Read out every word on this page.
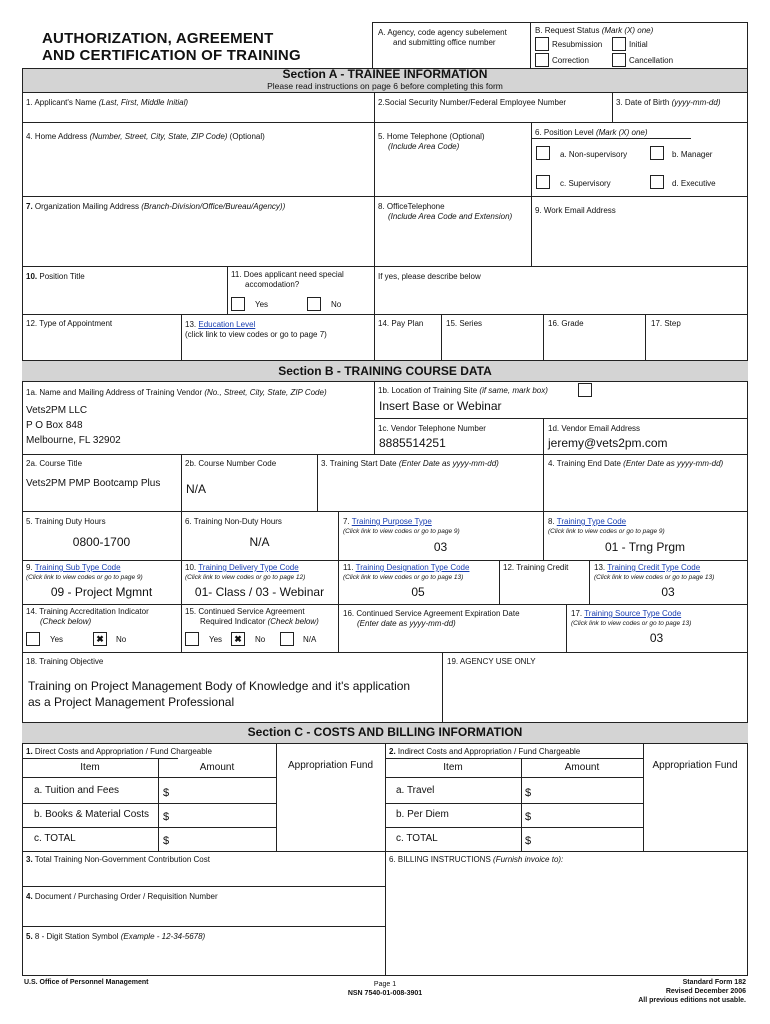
AUTHORIZATION, AGREEMENT
AND CERTIFICATION OF TRAINING
A. Agency, code agency subelement
and submitting office number
B. Request Status (Mark (X) one)
Resubmission	Initial
Correction	Cancellation
Section A - TRAINEE INFORMATION
Please read instructions on page 6 before completing this form
1. Applicant's Name (Last, First, Middle Initial)	2.Social Security Number/Federal Employee Number	3. Date of Birth (yyyy-mm-dd)
4. Home Address (Number, Street, City, State, ZIP Code) (Optional)	5. Home Telephone (Optional)
(Include Area Code)
6. Position Level (Mark (X) one)
a. Non-supervisory	b. Manager
c. Supervisory	d. Executive
7. Organization Mailing Address (Branch-Division/Office/Bureau/Agency))	8. OfficeTelephone
(Include Area Code and Extension)
9. Work Email Address
10. Position Title	11. Does applicant need special
accomodation?
Yes	No
If yes, please describe below
12. Type of Appointment	13. Education Level
(click link to view codes or go to page 7)
14. Pay Plan	15. Series	16. Grade	17. Step
Section B - TRAINING COURSE DATA
1a. Name and Mailing Address of Training Vendor (No., Street, City, State, ZIP Code)
Vets2PM LLC
P O Box 848
Melbourne, FL 32902
1b. Location of Training Site (if same, mark box)
Insert Base or Webinar
1c. Vendor Telephone Number
8885514251
1d. Vendor Email Address
jeremy@vets2pm.com
2a. Course Title
Vets2PM PMP Bootcamp Plus
2b. Course Number Code
N/A
3. Training Start Date (Enter Date as yyyy-mm-dd)	4. Training End Date (Enter Date as yyyy-mm-dd)
5. Training Duty Hours
0800-1700
6. Training Non-Duty Hours
N/A
7. Training Purpose Type
(Click link to view codes or go to page 9)
03
8. Training Type Code
(Click link to view codes or go to page 9)
01 - Trng Prgm
9. Training Sub Type Code
(Click link to view codes or go to page 9)
09 - Project Mgmnt
10. Training Delivery Type Code
(Click link to view codes or go to page 12)
01- Class / 03 - Webinar
11. Training Designation Type Code
(Click link to view codes or go to page 13)
05
12. Training Credit	13. Training Credit Type Code
(Click link to view codes or go to page 13)
03
14. Training Accreditation Indicator
(Check below)
Yes	✖	No
15. Continued Service Agreement
Required Indicator (Check below)
Yes	✖	No	N/A
16. Continued Service Agreement Expiration Date
(Enter date as yyyy-mm-dd)
17. Training Source Type Code
(Click link to view codes or go to page 13)
03
18. Training Objective
Training on Project Management Body of Knowledge and it's application
as a Project Management Professional
19. AGENCY USE ONLY
Section C - COSTS AND BILLING INFORMATION
1. Direct Costs and Appropriation / Fund Chargeable	2. Indirect Costs and Appropriation / Fund Chargeable
Item	Amount	Appropriation Fund
a. Tuition and Fees	$
b. Books & Material Costs $
c. TOTAL	$
Item	Amount	Appropriation Fund
a. Travel	$
b. Per Diem	$
c. TOTAL	$
3. Total Training Non-Government Contribution Cost
4. Document / Purchasing Order / Requisition Number
5. 8 - Digit Station Symbol (Example - 12-34-5678)
6. BILLING INSTRUCTIONS (Furnish invoice to):
U.S. Office of Personnel Management	Page 1
NSN 7540-01-008-3901
Standard Form 182
Revised December 2006
All previous editions not usable.
